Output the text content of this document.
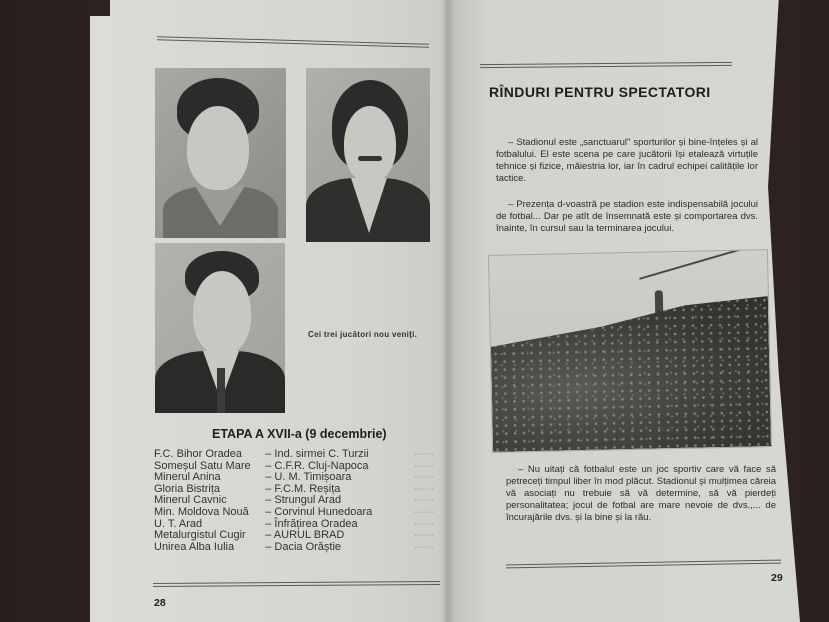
Cei trei jucători nou veniți.
ETAPA A XVII-a (9 decembrie)
F.C. Bihor Oradea	– Ind. sirmei C. Turzii	·······
Someșul Satu Mare	– C.F.R. Cluj-Napoca	·······
Minerul Anina	– U. M. Timișoara	·······
Gloria Bistrița	– F.C.M. Reșița	·······
Minerul Cavnic	– Strungul Arad	·······
Min. Moldova Nouă	– Corvinul Hunedoara	·······
U. T. Arad	– Înfrățirea Oradea	·······
Metalurgistul Cugir	– AURUL BRAD	·······
Unirea Alba Iulia	– Dacia Orăștie	·······
28
RÎNDURI PENTRU SPECTATORI
– Stadionul este „sanctuarul" sporturilor și bine-înțeles și al fotbalului. El este scena pe care jucătorii își etalează virtuțile tehnice și fizice, măiestria lor, iar în cadrul echipei calitățile lor tactice.
– Prezența d-voastră pe stadion este indispensabilă jocului de fotbal... Dar pe atît de însemnată este și comportarea dvs. înainte, în cursul sau la terminarea jocului.
– Nu uitați că fotbalul este un joc sportiv care vă face să petreceți timpul liber în mod plăcut. Stadionul și mulțimea căreia vă asociați nu trebuie să vă determine, să vă pierdeți personalitatea; jocul de fotbal are mare nevoie de dvs.,... de încurajările dvs. și la bine și la rău.
29
